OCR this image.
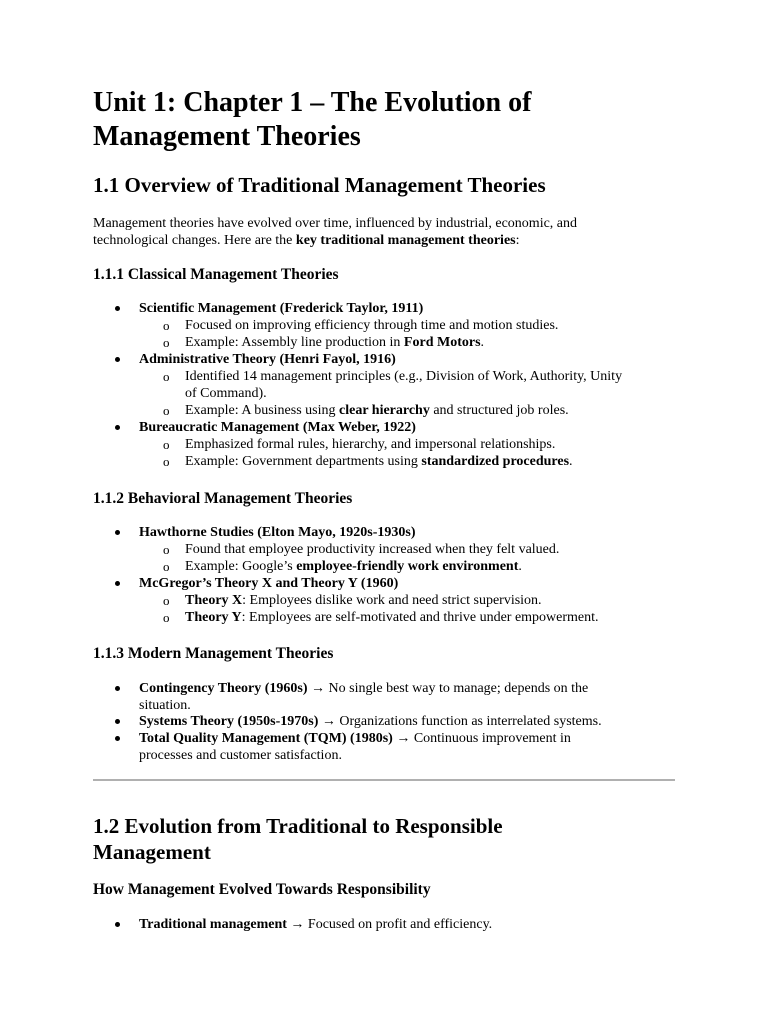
Unit 1: Chapter 1 – The Evolution of
Management Theories
1.1 Overview of Traditional Management Theories

Management theories have evolved over time, influenced by industrial, economic, and
technological changes. Here are the key traditional management theories:

1.1.1 Classical Management Theories
Scientific Management (Frederick Taylor, 1911)
o Focused on improving efficiency through time and motion studies.
o Example: Assembly line production in Ford Motors.
Administrative Theory (Henri Fayol, 1916)
o Identified 14 management principles (e.g., Division of Work, Authority, Unity
of Command).
o Example: A business using clear hierarchy and structured job roles.
Bureaucratic Management (Max Weber, 1922)
o Emphasized formal rules, hierarchy, and impersonal relationships.
o Example: Government departments using standardized procedures.
1.1.2 Behavioral Management Theories
Hawthorne Studies (Elton Mayo, 1920s-1930s)
o Found that employee productivity increased when they felt valued.
o Example: Google’s employee-friendly work environment.
McGregor’s Theory X and Theory Y (1960)
o Theory X: Employees dislike work and need strict supervision.
o Theory Y: Employees are self-motivated and thrive under empowerment.
1.1.3 Modern Management Theories
Contingency Theory (1960s) → No single best way to manage; depends on the
situation.
Systems Theory (1950s-1970s) → Organizations function as interrelated systems.
Total Quality Management (TQM) (1980s) → Continuous improvement in
processes and customer satisfaction.
1.2 Evolution from Traditional to Responsible
Management
How Management Evolved Towards Responsibility
Traditional management → Focused on profit and efficiency.
